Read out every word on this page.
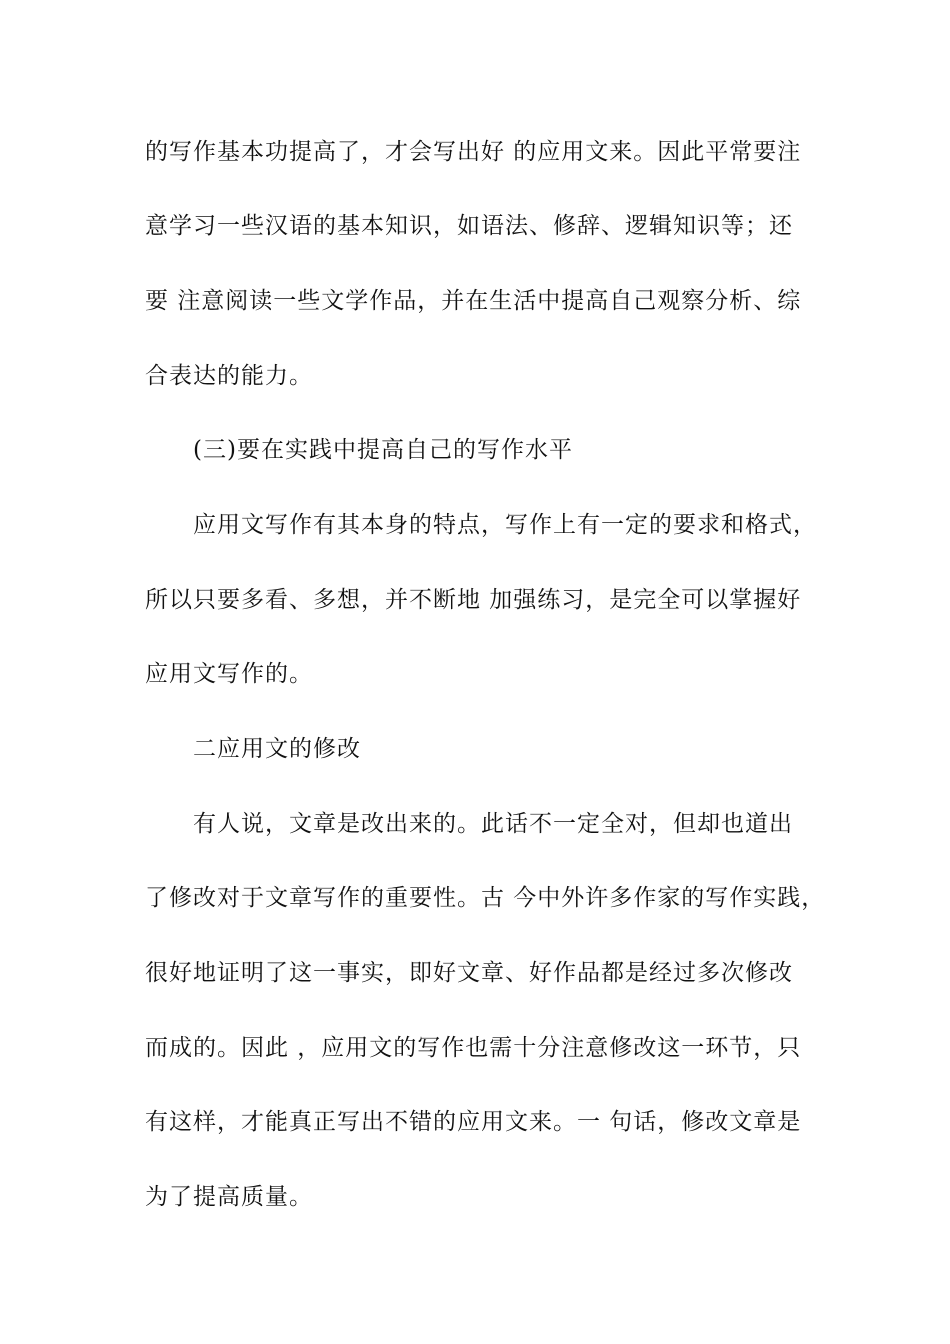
的写作基本功提高了，才会写出好 的应用文来。因此平常要注
意学习一些汉语的基本知识，如语法、修辞、逻辑知识等；还
要 注意阅读一些文学作品，并在生活中提高自己观察分析、综
合表达的能力。
(三)要在实践中提高自己的写作水平
应用文写作有其本身的特点，写作上有一定的要求和格式，
所以只要多看、多想，并不断地 加强练习，是完全可以掌握好
应用文写作的。
二应用文的修改
有人说，文章是改出来的。此话不一定全对，但却也道出
了修改对于文章写作的重要性。古 今中外许多作家的写作实践，
很好地证明了这一事实，即好文章、好作品都是经过多次修改
而成的。因此 ，应用文的写作也需十分注意修改这一环节，只
有这样，才能真正写出不错的应用文来。一 句话，修改文章是
为了提高质量。
